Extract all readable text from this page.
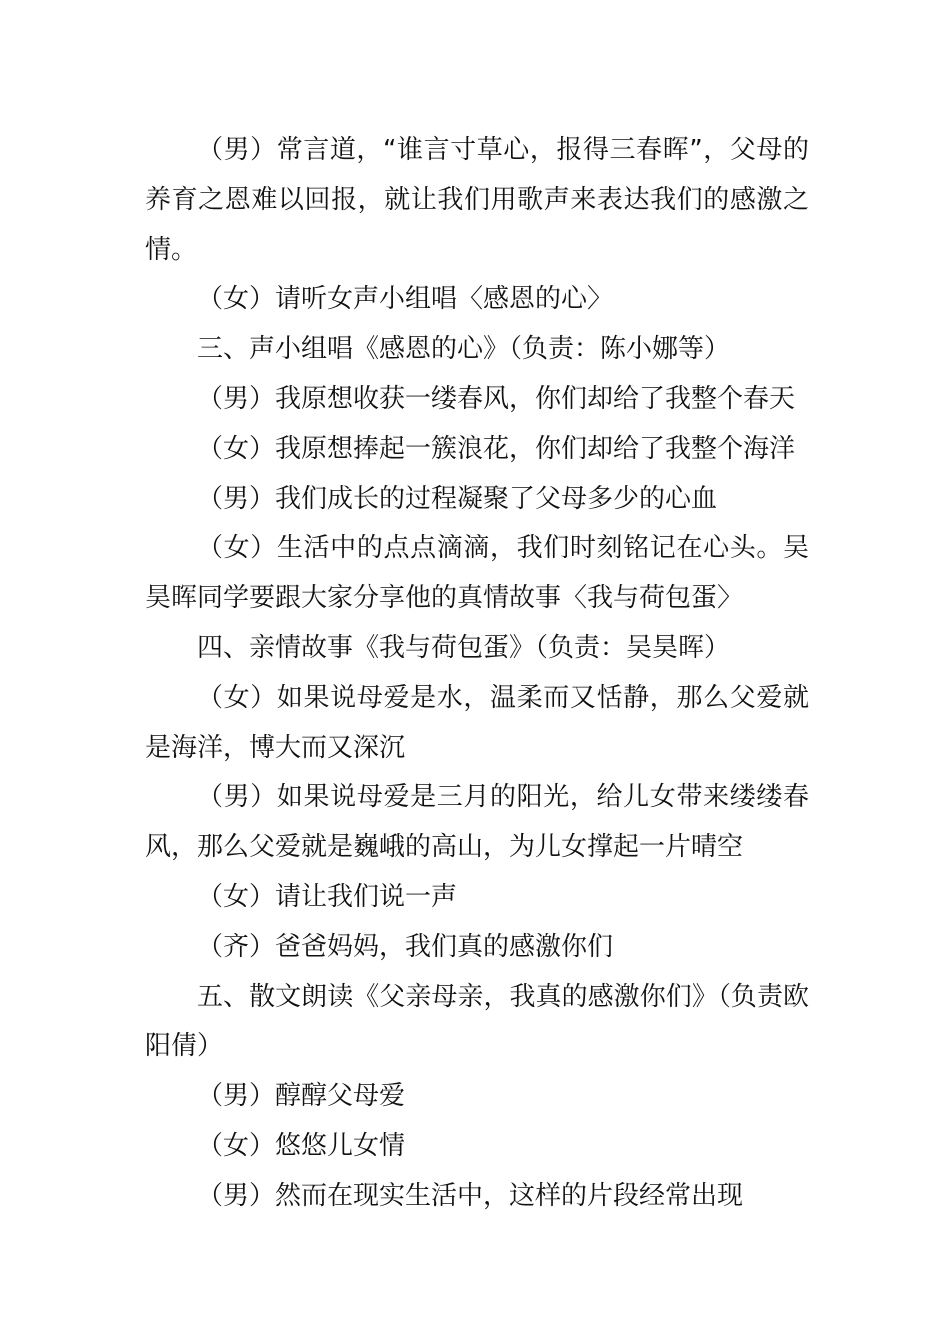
（男）常言道，“谁言寸草心，报得三春晖”，父母的养育之恩难以回报，就让我们用歌声来表达我们的感激之情。

（女）请听女声小组唱〈感恩的心〉

三、声小组唱《感恩的心》（负责：陈小娜等）

（男）我原想收获一缕春风，你们却给了我整个春天

（女）我原想捧起一簇浪花，你们却给了我整个海洋

（男）我们成长的过程凝聚了父母多少的心血

（女）生活中的点点滴滴，我们时刻铭记在心头。吴昊晖同学要跟大家分享他的真情故事〈我与荷包蛋〉

四、亲情故事《我与荷包蛋》（负责：吴昊晖）

（女）如果说母爱是水，温柔而又恬静，那么父爱就是海洋，博大而又深沉

（男）如果说母爱是三月的阳光，给儿女带来缕缕春风，那么父爱就是巍峨的高山，为儿女撑起一片晴空

（女）请让我们说一声

（齐）爸爸妈妈，我们真的感激你们

五、散文朗读《父亲母亲，我真的感激你们》（负责欧阳倩）

（男）醇醇父母爱

（女）悠悠儿女情

（男）然而在现实生活中，这样的片段经常出现
